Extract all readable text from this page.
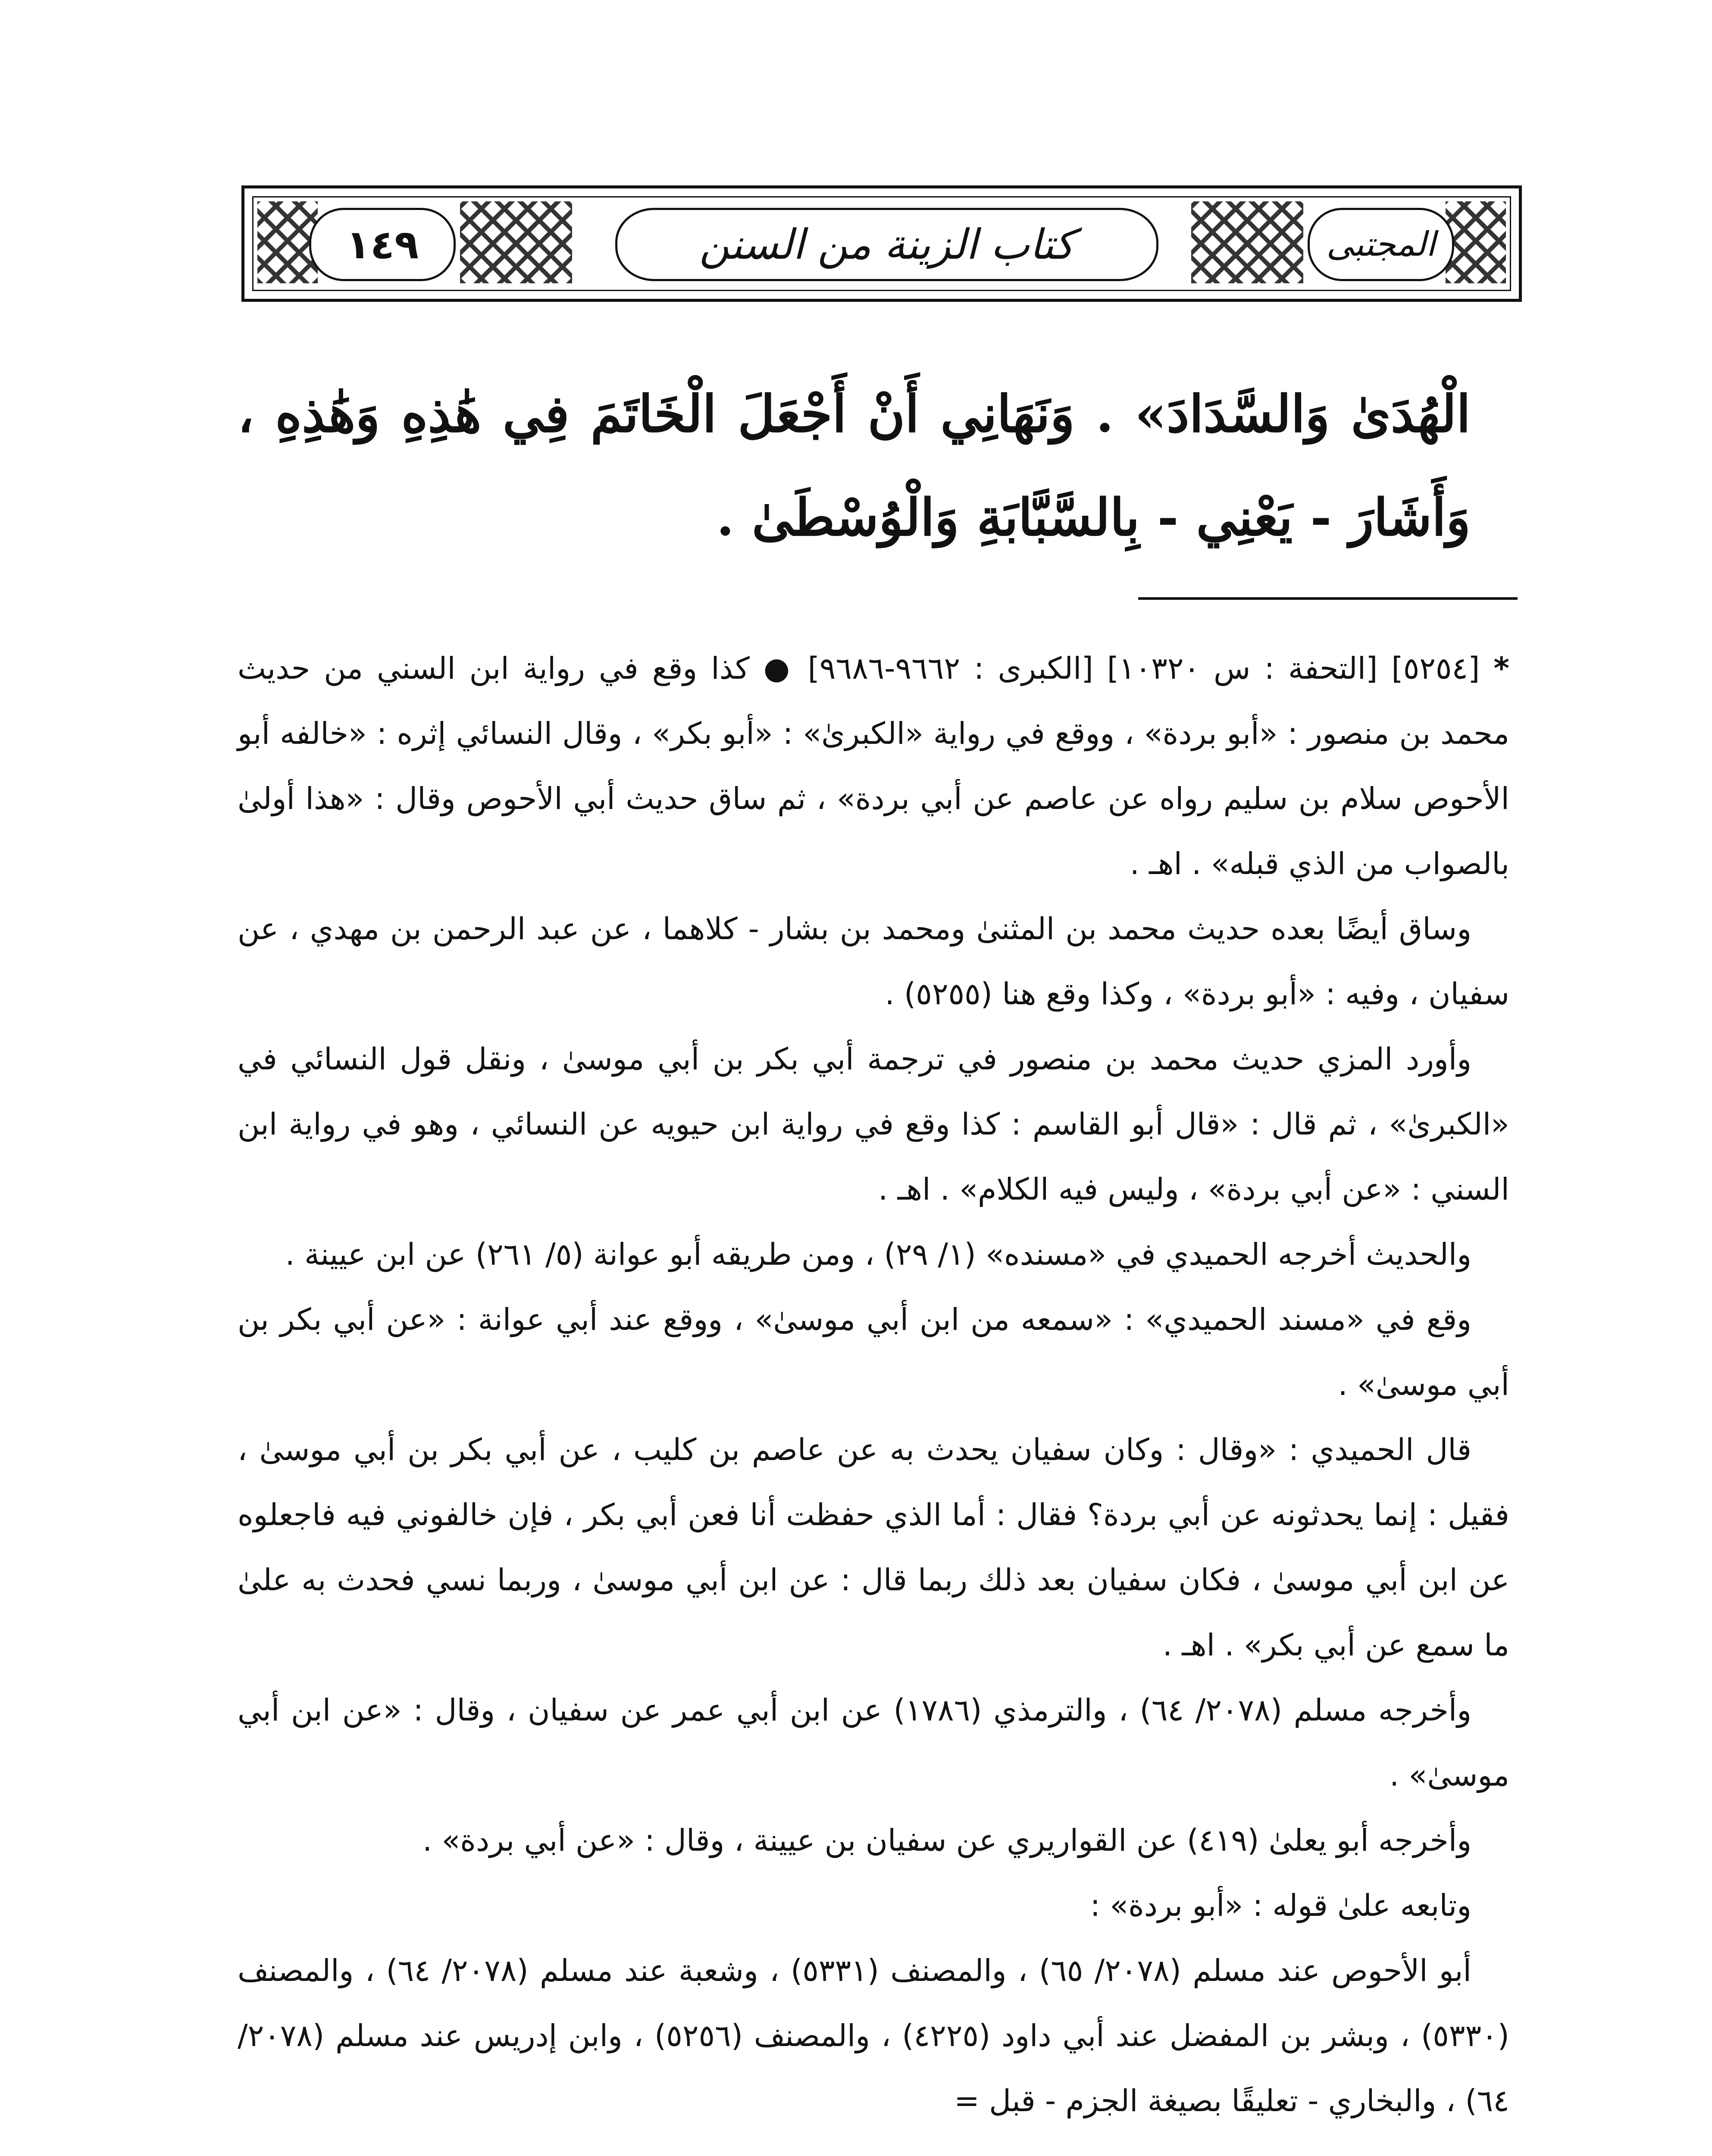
١٤٩	كتاب الزينة من السنن	المجتبى
الْهُدَىٰ وَالسَّدَادَ» . وَنَهَانِي أَنْ أَجْعَلَ الْخَاتَمَ فِي هَٰذِهِ وَهَٰذِهِ ، وَأَشَارَ - يَعْنِي - بِالسَّبَّابَةِ وَالْوُسْطَىٰ .

* [٥٢٥٤] [التحفة : س ١٠٣٢٠] [الكبرى : ٩٦٦٢-٩٦٨٦] ● كذا وقع في رواية ابن السني من حديث محمد بن منصور : «أبو بردة» ، ووقع في رواية «الكبرىٰ» : «أبو بكر» ، وقال النسائي إثره : «خالفه أبو الأحوص سلام بن سليم رواه عن عاصم عن أبي بردة» ، ثم ساق حديث أبي الأحوص وقال : «هذا أولىٰ بالصواب من الذي قبله» . اهـ .

وساق أيضًا بعده حديث محمد بن المثنىٰ ومحمد بن بشار - كلاهما ، عن عبد الرحمن بن مهدي ، عن سفيان ، وفيه : «أبو بردة» ، وكذا وقع هنا (٥٢٥٥) .

وأورد المزي حديث محمد بن منصور في ترجمة أبي بكر بن أبي موسىٰ ، ونقل قول النسائي في «الكبرىٰ» ، ثم قال : «قال أبو القاسم : كذا وقع في رواية ابن حيويه عن النسائي ، وهو في رواية ابن السني : «عن أبي بردة» ، وليس فيه الكلام» . اهـ .

والحديث أخرجه الحميدي في «مسنده» (١/ ٢٩) ، ومن طريقه أبو عوانة (٥/ ٢٦١) عن ابن عيينة .

وقع في «مسند الحميدي» : «سمعه من ابن أبي موسىٰ» ، ووقع عند أبي عوانة : «عن أبي بكر بن أبي موسىٰ» .

قال الحميدي : «وقال : وكان سفيان يحدث به عن عاصم بن كليب ، عن أبي بكر بن أبي موسىٰ ، فقيل : إنما يحدثونه عن أبي بردة؟ فقال : أما الذي حفظت أنا فعن أبي بكر ، فإن خالفوني فيه فاجعلوه عن ابن أبي موسىٰ ، فكان سفيان بعد ذلك ربما قال : عن ابن أبي موسىٰ ، وربما نسي فحدث به علىٰ ما سمع عن أبي بكر» . اهـ .

وأخرجه مسلم (٢٠٧٨/ ٦٤) ، والترمذي (١٧٨٦) عن ابن أبي عمر عن سفيان ، وقال : «عن ابن أبي موسىٰ» .

وأخرجه أبو يعلىٰ (٤١٩) عن القواريري عن سفيان بن عيينة ، وقال : «عن أبي بردة» .

وتابعه علىٰ قوله : «أبو بردة» :

أبو الأحوص عند مسلم (٢٠٧٨/ ٦٥) ، والمصنف (٥٣٣١) ، وشعبة عند مسلم (٢٠٧٨/ ٦٤) ، والمصنف (٥٣٣٠) ، وبشر بن المفضل عند أبي داود (٤٢٢٥) ، والمصنف (٥٢٥٦) ، وابن إدريس عند مسلم (٢٠٧٨/ ٦٤) ، والبخاري - تعليقًا بصيغة الجزم - قبل =
